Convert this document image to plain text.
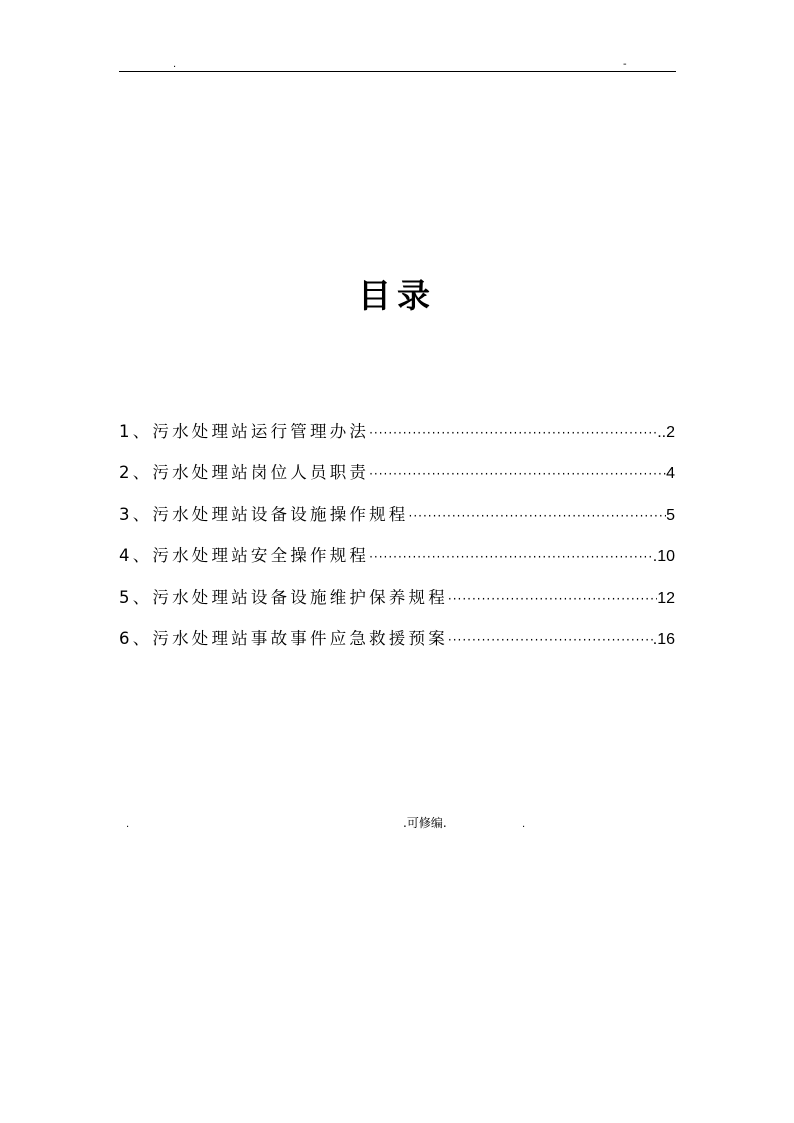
.	-
目录
1、污水处理站运行管理办法 ·····	..2
2、污水处理站岗位人员职责 ·····	4
3、污水处理站设备设施操作规程 ·····	5
4、污水处理站安全操作规程 ·····	.10
5、污水处理站设备设施维护保养规程 ·····	12
6、污水处理站事故事件应急救援预案 ·····	.16
.	.可修编.	.
